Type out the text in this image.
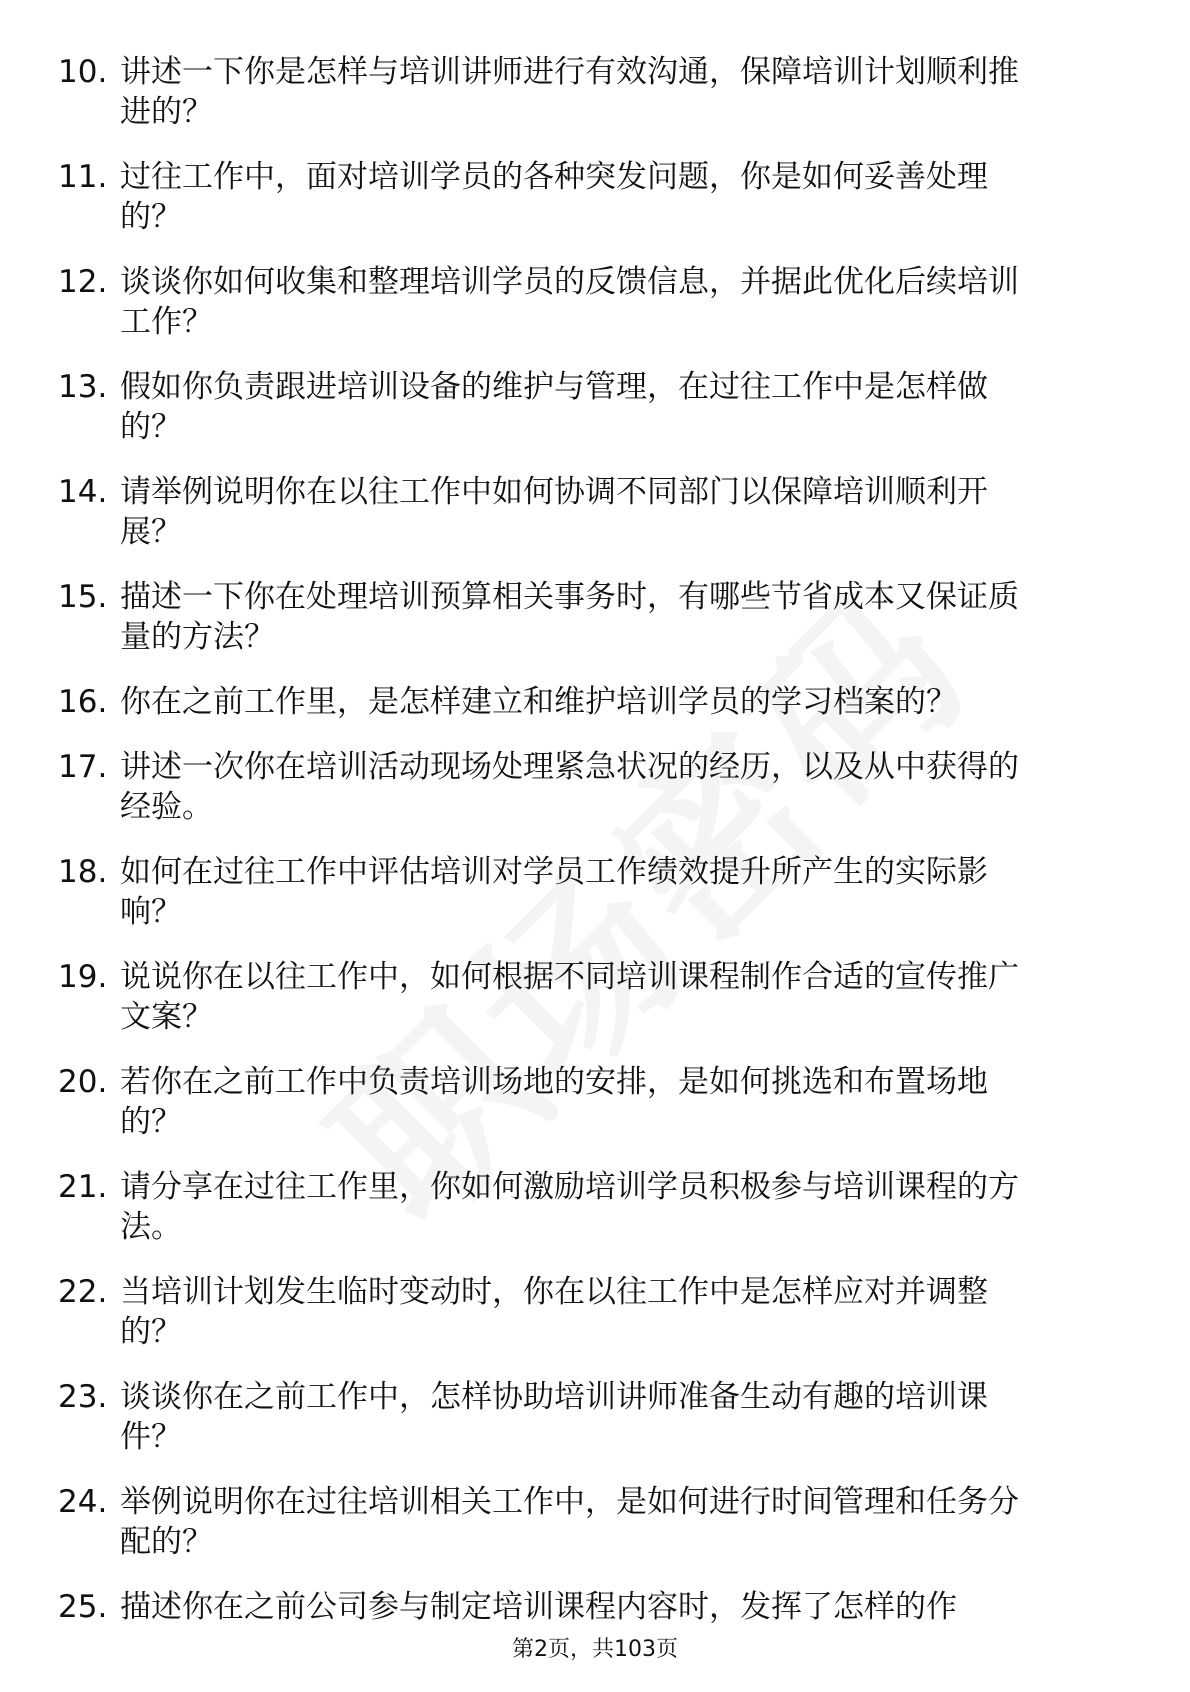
10. 讲述一下你是怎样与培训讲师进行有效沟通，保障培训计划顺利推进的？

11. 过往工作中，面对培训学员的各种突发问题，你是如何妥善处理的？

12. 谈谈你如何收集和整理培训学员的反馈信息，并据此优化后续培训工作？

13. 假如你负责跟进培训设备的维护与管理，在过往工作中是怎样做的？

14. 请举例说明你在以往工作中如何协调不同部门以保障培训顺利开展？

15. 描述一下你在处理培训预算相关事务时，有哪些节省成本又保证质量的方法？

16. 你在之前工作里，是怎样建立和维护培训学员的学习档案的？

17. 讲述一次你在培训活动现场处理紧急状况的经历，以及从中获得的经验。

18. 如何在过往工作中评估培训对学员工作绩效提升所产生的实际影响？

19. 说说你在以往工作中，如何根据不同培训课程制作合适的宣传推广文案？

20. 若你在之前工作中负责培训场地的安排，是如何挑选和布置场地的？

21. 请分享在过往工作里，你如何激励培训学员积极参与培训课程的方法。

22. 当培训计划发生临时变动时，你在以往工作中是怎样应对并调整的？

23. 谈谈你在之前工作中，怎样协助培训讲师准备生动有趣的培训课件？

24. 举例说明你在过往培训相关工作中，是如何进行时间管理和任务分配的？

25. 描述你在之前公司参与制定培训课程内容时，发挥了怎样的作

第2页，共103页
